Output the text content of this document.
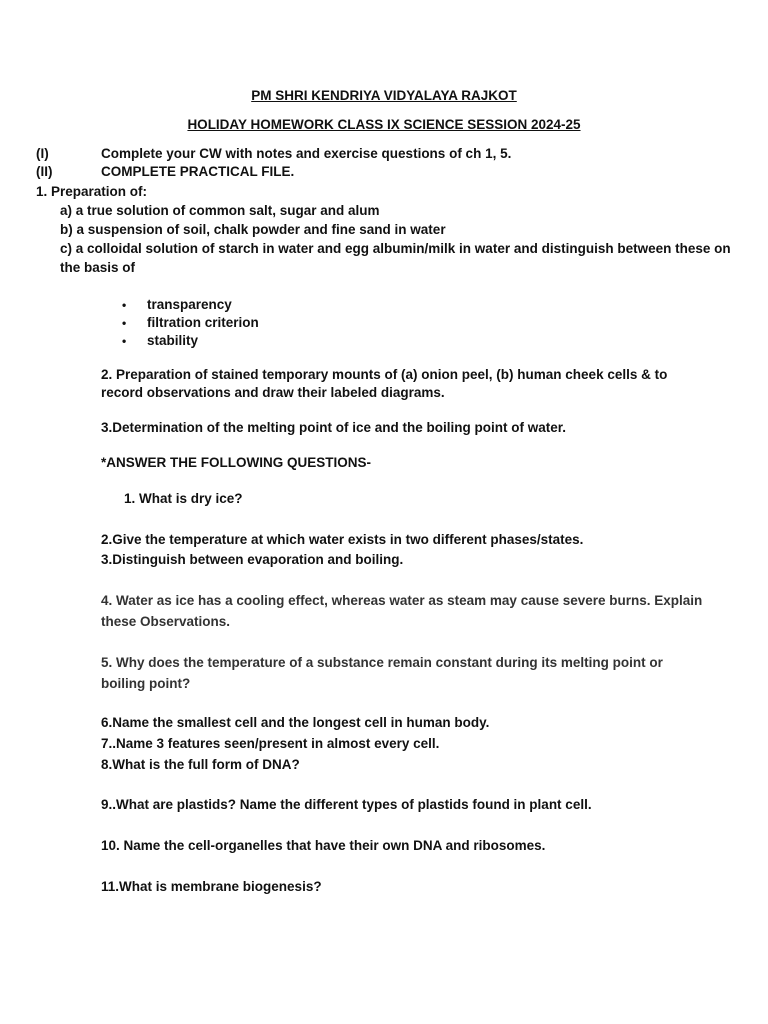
PM SHRI KENDRIYA VIDYALAYA RAJKOT
HOLIDAY HOMEWORK CLASS IX SCIENCE SESSION 2024-25
(I)	Complete your CW with notes and exercise questions of ch 1, 5.
(II)	COMPLETE PRACTICAL FILE.
1. Preparation of:
a) a true solution of common salt, sugar and alum
b) a suspension of soil, chalk powder and fine sand in water
c) a colloidal solution of starch in water and egg albumin/milk in water and distinguish between these on
the basis of
• transparency
• filtration criterion
• stability
2. Preparation of stained temporary mounts of (a) onion peel, (b) human cheek cells & to
record observations and draw their labeled diagrams.
3.Determination of the melting point of ice and the boiling point of water.
*ANSWER THE FOLLOWING QUESTIONS-
1. What is dry ice?
2.Give the temperature at which water exists in two different phases/states.
3.Distinguish between evaporation and boiling.
4. Water as ice has a cooling effect, whereas water as steam may cause severe burns. Explain
these Observations.
5. Why does the temperature of a substance remain constant during its melting point or
boiling point?
6.Name the smallest cell and the longest cell in human body.
7..Name 3 features seen/present in almost every cell.
8.What is the full form of DNA?
9..What are plastids? Name the different types of plastids found in plant cell.
10. Name the cell-organelles that have their own DNA and ribosomes.
11.What is membrane biogenesis?
